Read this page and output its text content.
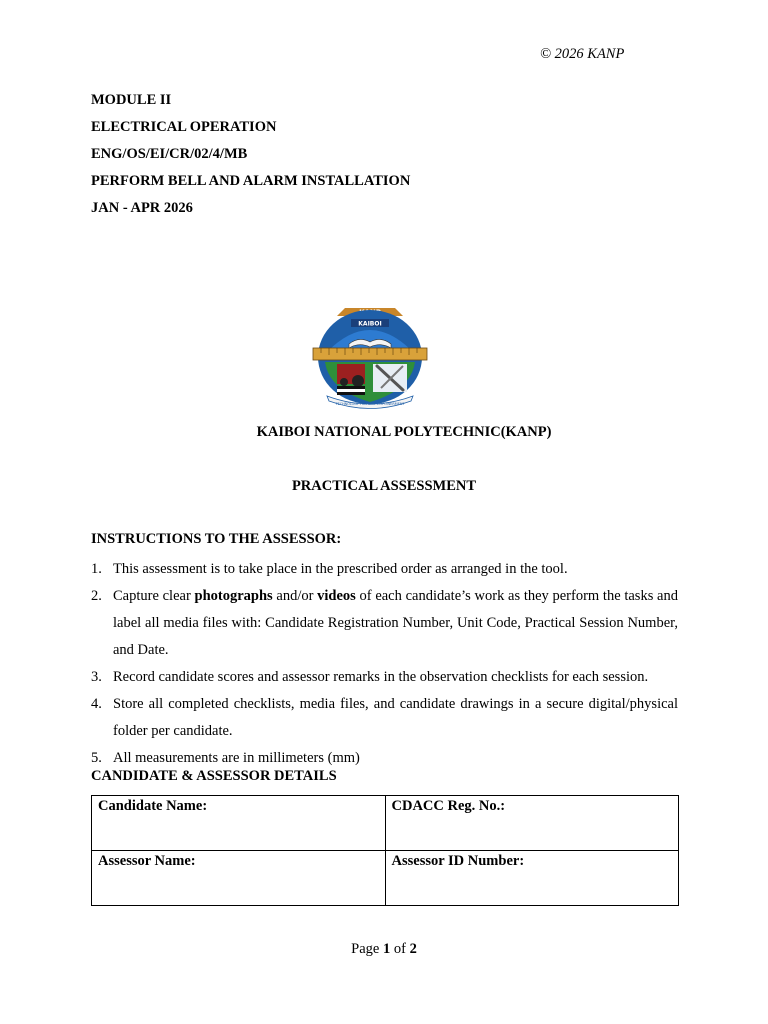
© 2026 KANP
MODULE II
ELECTRICAL OPERATION
ENG/OS/EI/CR/02/4/MB
PERFORM BELL AND ALARM INSTALLATION
JAN - APR 2026
KAIBOI
TECHNOLOGY FOR SELF EMPOWERMENT
KAIBOI NATIONAL POLYTECHNIC(KANP)
PRACTICAL ASSESSMENT
INSTRUCTIONS TO THE ASSESSOR:
1. This assessment is to take place in the prescribed order as arranged in the tool.
2. Capture clear photographs and/or videos of each candidate’s work as they perform the tasks and label all media files with: Candidate Registration Number, Unit Code, Practical Session Number, and Date.
3. Record candidate scores and assessor remarks in the observation checklists for each session.
4. Store all completed checklists, media files, and candidate drawings in a secure digital/physical folder per candidate.
5. All measurements are in millimeters (mm)
CANDIDATE & ASSESSOR DETAILS
Candidate Name:	CDACC Reg. No.:
Assessor Name:	Assessor ID Number:
Page 1 of 2
